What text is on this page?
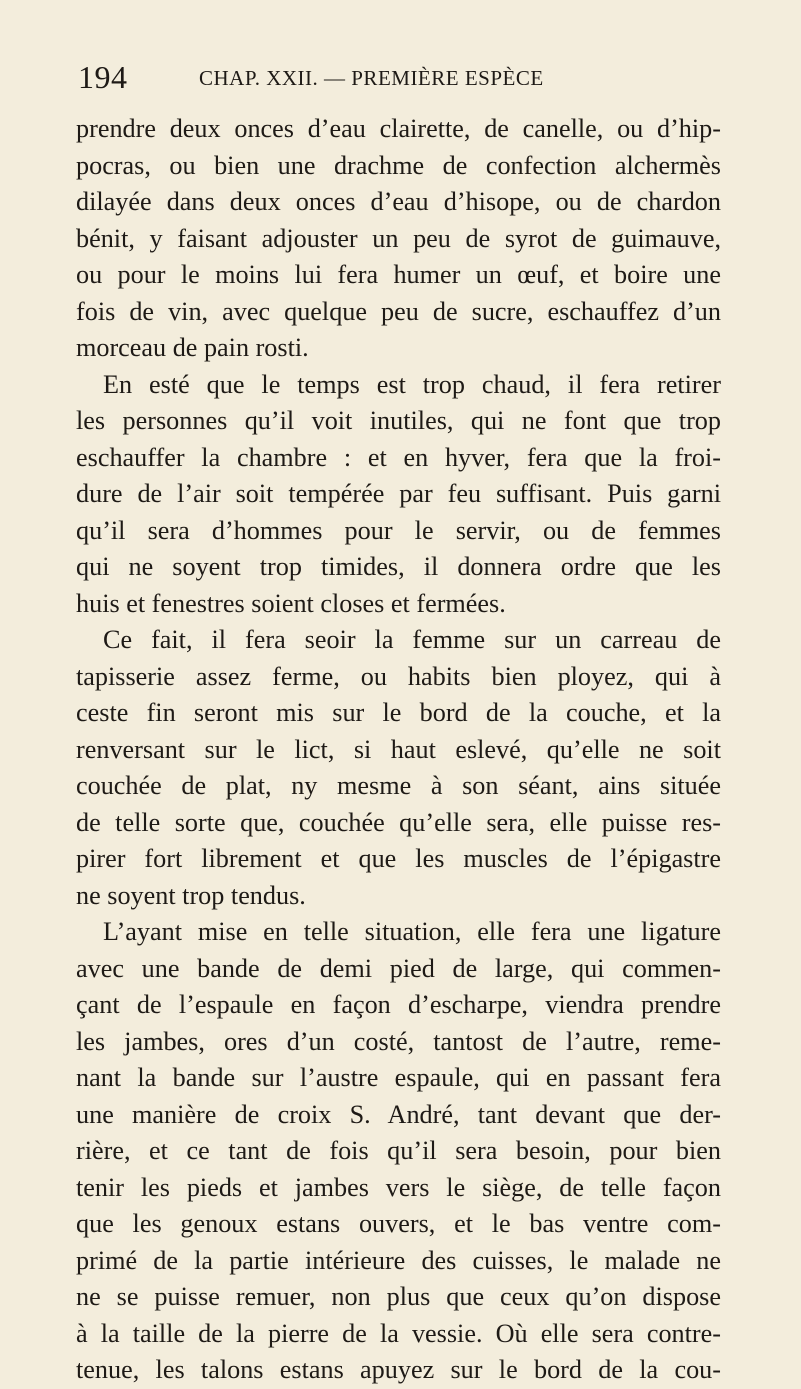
194	CHAP. XXII. — PREMIÈRE ESPÈCE
prendre deux onces d’eau clairette, de canelle, ou d’hip-
pocras, ou bien une drachme de confection alchermès
dilayée dans deux onces d’eau d’hisope, ou de chardon
bénit, y faisant adjouster un peu de syrot de guimauve,
ou pour le moins lui fera humer un œuf, et boire une
fois de vin, avec quelque peu de sucre, eschauffez d’un
morceau de pain rosti.
En esté que le temps est trop chaud, il fera retirer
les personnes qu’il voit inutiles, qui ne font que trop
eschauffer la chambre : et en hyver, fera que la froi-
dure de l’air soit tempérée par feu suffisant. Puis garni
qu’il sera d’hommes pour le servir, ou de femmes
qui ne soyent trop timides, il donnera ordre que les
huis et fenestres soient closes et fermées.
Ce fait, il fera seoir la femme sur un carreau de
tapisserie assez ferme, ou habits bien ployez, qui à
ceste fin seront mis sur le bord de la couche, et la
renversant sur le lict, si haut eslevé, qu’elle ne soit
couchée de plat, ny mesme à son séant, ains située
de telle sorte que, couchée qu’elle sera, elle puisse res-
pirer fort librement et que les muscles de l’épigastre
ne soyent trop tendus.
L’ayant mise en telle situation, elle fera une ligature
avec une bande de demi pied de large, qui commen-
çant de l’espaule en façon d’escharpe, viendra prendre
les jambes, ores d’un costé, tantost de l’autre, reme-
nant la bande sur l’austre espaule, qui en passant fera
une manière de croix S. André, tant devant que der-
rière, et ce tant de fois qu’il sera besoin, pour bien
tenir les pieds et jambes vers le siège, de telle façon
que les genoux estans ouvers, et le bas ventre com-
primé de la partie intérieure des cuisses, le malade ne
ne se puisse remuer, non plus que ceux qu’on dispose
à la taille de la pierre de la vessie. Où elle sera contre-
tenue, les talons estans apuyez sur le bord de la cou-
